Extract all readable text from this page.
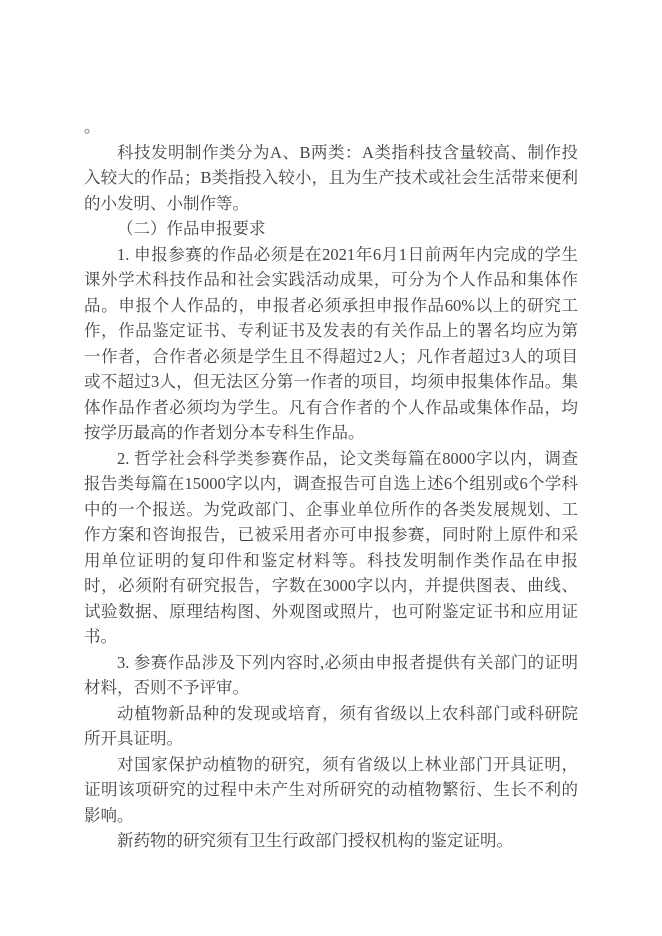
。

科技发明制作类分为A、B两类：A类指科技含量较高、制作投入较大的作品；B类指投入较小，且为生产技术或社会生活带来便利的小发明、小制作等。

（二）作品申报要求

1. 申报参赛的作品必须是在2021年6月1日前两年内完成的学生课外学术科技作品和社会实践活动成果，可分为个人作品和集体作品。申报个人作品的，申报者必须承担申报作品60%以上的研究工作，作品鉴定证书、专利证书及发表的有关作品上的署名均应为第一作者，合作者必须是学生且不得超过2人；凡作者超过3人的项目或不超过3人，但无法区分第一作者的项目，均须申报集体作品。集体作品作者必须均为学生。凡有合作者的个人作品或集体作品，均按学历最高的作者划分本专科生作品。

2. 哲学社会科学类参赛作品，论文类每篇在8000字以内，调查报告类每篇在15000字以内，调查报告可自选上述6个组别或6个学科中的一个报送。为党政部门、企事业单位所作的各类发展规划、工作方案和咨询报告，已被采用者亦可申报参赛，同时附上原件和采用单位证明的复印件和鉴定材料等。科技发明制作类作品在申报时，必须附有研究报告，字数在3000字以内，并提供图表、曲线、试验数据、原理结构图、外观图或照片，也可附鉴定证书和应用证书。

3. 参赛作品涉及下列内容时,必须由申报者提供有关部门的证明材料，否则不予评审。

动植物新品种的发现或培育，须有省级以上农科部门或科研院所开具证明。

对国家保护动植物的研究，须有省级以上林业部门开具证明，证明该项研究的过程中未产生对所研究的动植物繁衍、生长不利的影响。

新药物的研究须有卫生行政部门授权机构的鉴定证明。
